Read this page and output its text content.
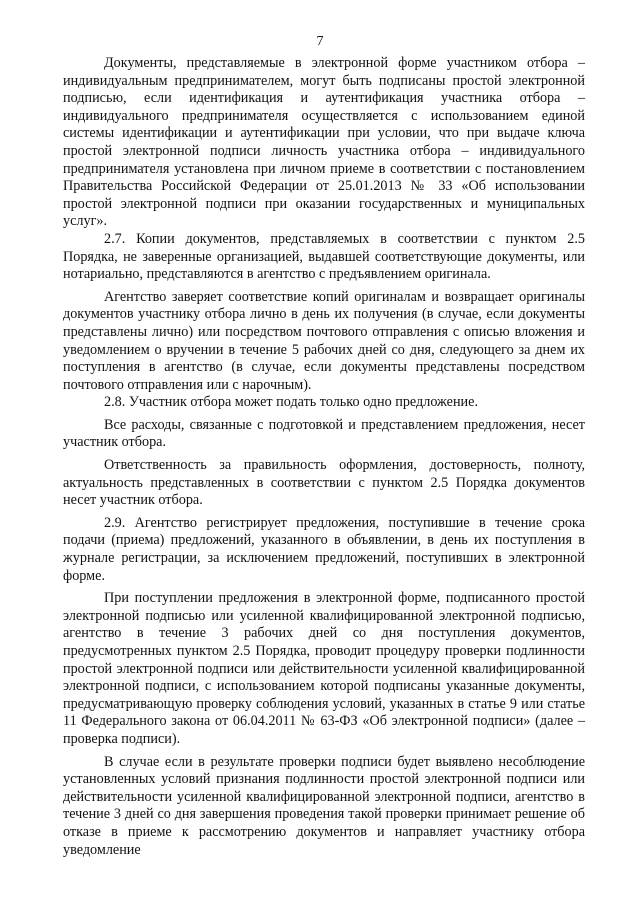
7

Документы, представляемые в электронной форме участником отбора – индивидуальным предпринимателем, могут быть подписаны простой электронной подписью, если идентификация и аутентификация участника отбора – индивидуального предпринимателя осуществляется с использованием единой системы идентификации и аутентификации при условии, что при выдаче ключа простой электронной подписи личность участника отбора – индивидуального предпринимателя установлена при личном приеме в соответствии с постановлением Правительства Российской Федерации от 25.01.2013 № 33 «Об использовании простой электронной подписи при оказании государственных и муниципальных услуг».

2.7. Копии документов, представляемых в соответствии с пунктом 2.5 Порядка, не заверенные организацией, выдавшей соответствующие документы, или нотариально, представляются в агентство с предъявлением оригинала.

Агентство заверяет соответствие копий оригиналам и возвращает оригиналы документов участнику отбора лично в день их получения (в случае, если документы представлены лично) или посредством почтового отправления с описью вложения и уведомлением о вручении в течение 5 рабочих дней со дня, следующего за днем их поступления в агентство (в случае, если документы представлены посредством почтового отправления или с нарочным).

2.8. Участник отбора может подать только одно предложение.

Все расходы, связанные с подготовкой и представлением предложения, несет участник отбора.

Ответственность за правильность оформления, достоверность, полноту, актуальность представленных в соответствии с пунктом 2.5 Порядка документов несет участник отбора.

2.9. Агентство регистрирует предложения, поступившие в течение срока подачи (приема) предложений, указанного в объявлении, в день их поступления в журнале регистрации, за исключением предложений, поступивших в электронной форме.

При поступлении предложения в электронной форме, подписанного простой электронной подписью или усиленной квалифицированной электронной подписью, агентство в течение 3 рабочих дней со дня поступления документов, предусмотренных пунктом 2.5 Порядка, проводит процедуру проверки подлинности простой электронной подписи или действительности усиленной квалифицированной электронной подписи, с использованием которой подписаны указанные документы, предусматривающую проверку соблюдения условий, указанных в статье 9 или статье 11 Федерального закона от 06.04.2011 № 63-ФЗ «Об электронной подписи» (далее – проверка подписи).

В случае если в результате проверки подписи будет выявлено несоблюдение установленных условий признания подлинности простой электронной подписи или действительности усиленной квалифицированной электронной подписи, агентство в течение 3 дней со дня завершения проведения такой проверки принимает решение об отказе в приеме к рассмотрению документов и направляет участнику отбора уведомление
